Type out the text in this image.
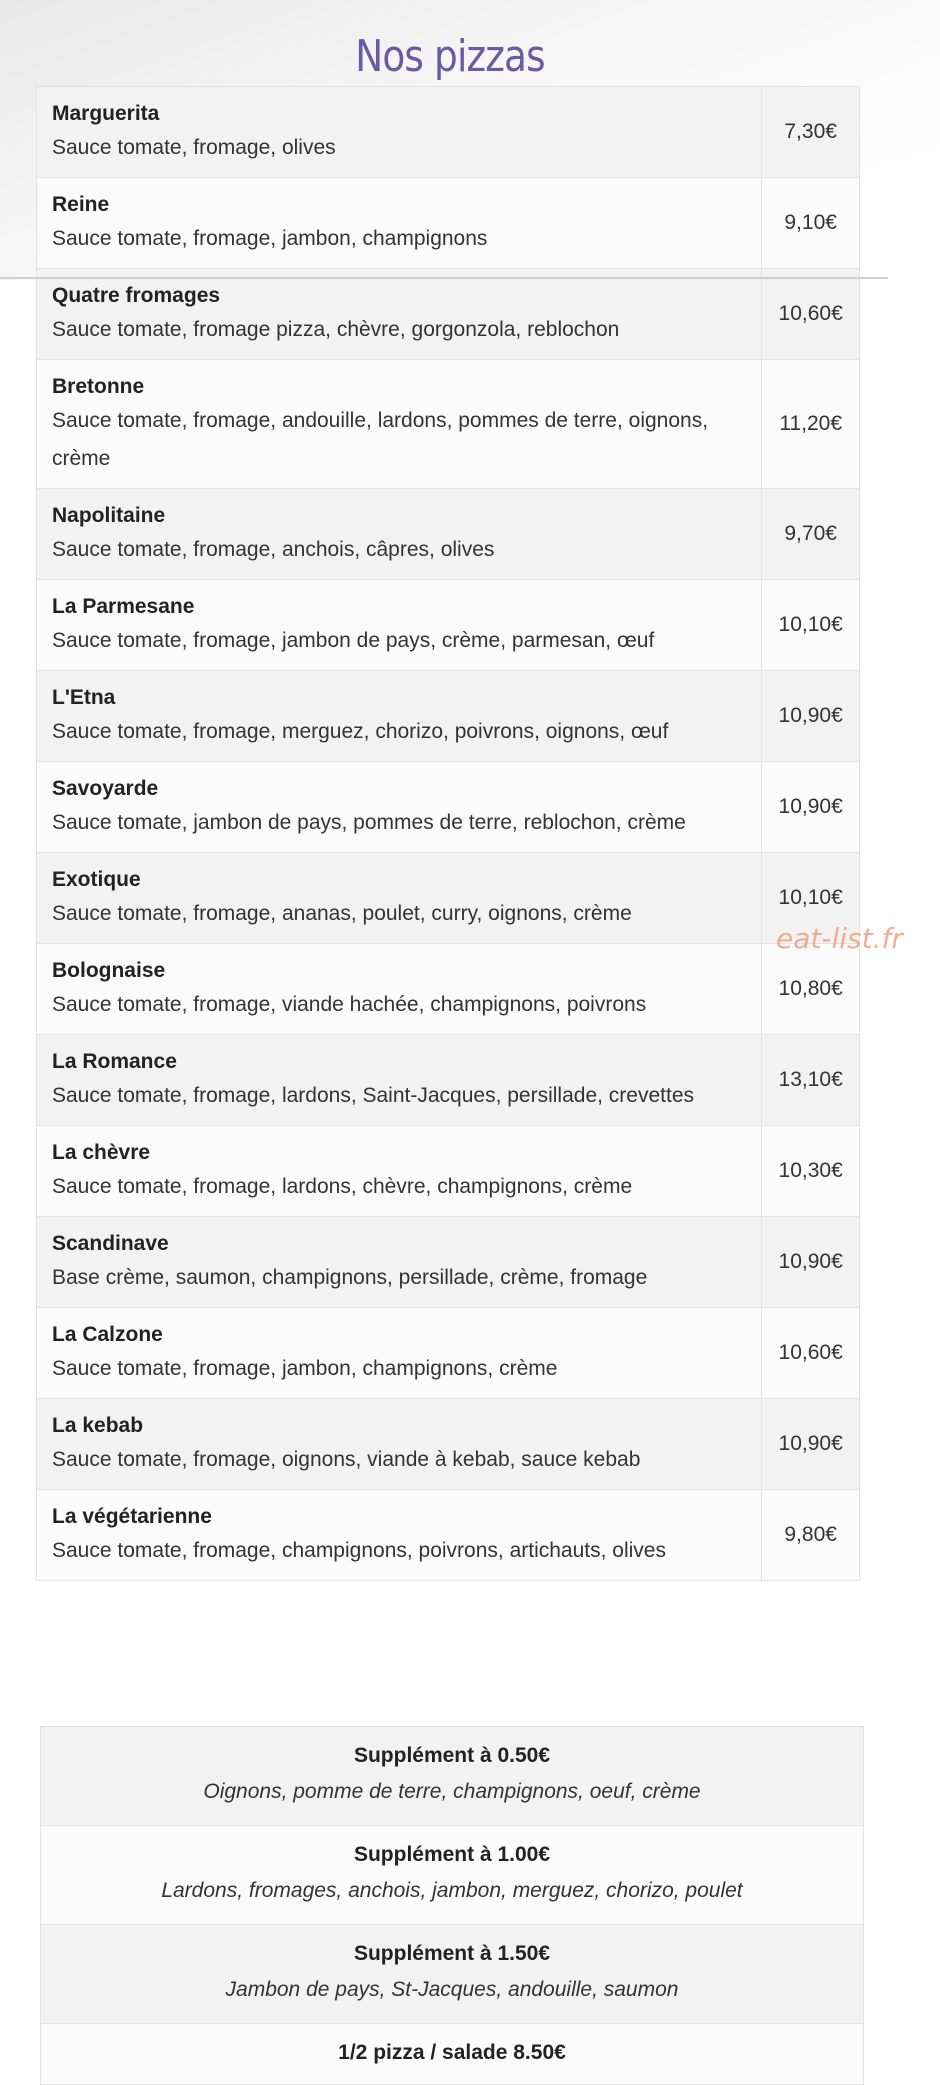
Nos pizzas
Marguerita
Sauce tomate, fromage, olives	7,30€

Reine
Sauce tomate, fromage, jambon, champignons	9,10€

Quatre fromages
Sauce tomate, fromage pizza, chèvre, gorgonzola, reblochon	10,60€

Bretonne
Sauce tomate, fromage, andouille, lardons, pommes de terre, oignons, crème	11,20€

Napolitaine
Sauce tomate, fromage, anchois, câpres, olives	9,70€

La Parmesane
Sauce tomate, fromage, jambon de pays, crème, parmesan, œuf	10,10€

L'Etna
Sauce tomate, fromage, merguez, chorizo, poivrons, oignons, œuf	10,90€

Savoyarde
Sauce tomate, jambon de pays, pommes de terre, reblochon, crème	10,90€

Exotique
Sauce tomate, fromage, ananas, poulet, curry, oignons, crème	10,10€

Bolognaise
Sauce tomate, fromage, viande hachée, champignons, poivrons	10,80€

La Romance
Sauce tomate, fromage, lardons, Saint-Jacques, persillade, crevettes	13,10€

La chèvre
Sauce tomate, fromage, lardons, chèvre, champignons, crème	10,30€

Scandinave
Base crème, saumon, champignons, persillade, crème, fromage	10,90€

La Calzone
Sauce tomate, fromage, jambon, champignons, crème	10,60€

La kebab
Sauce tomate, fromage, oignons, viande à kebab, sauce kebab	10,90€

La végétarienne
Sauce tomate, fromage, champignons, poivrons, artichauts, olives	9,80€
Supplément à 0.50€
Oignons, pomme de terre, champignons, oeuf, crème

Supplément à 1.00€
Lardons, fromages, anchois, jambon, merguez, chorizo, poulet

Supplément à 1.50€
Jambon de pays, St-Jacques, andouille, saumon

1/2 pizza / salade 8.50€
eat-list.fr
